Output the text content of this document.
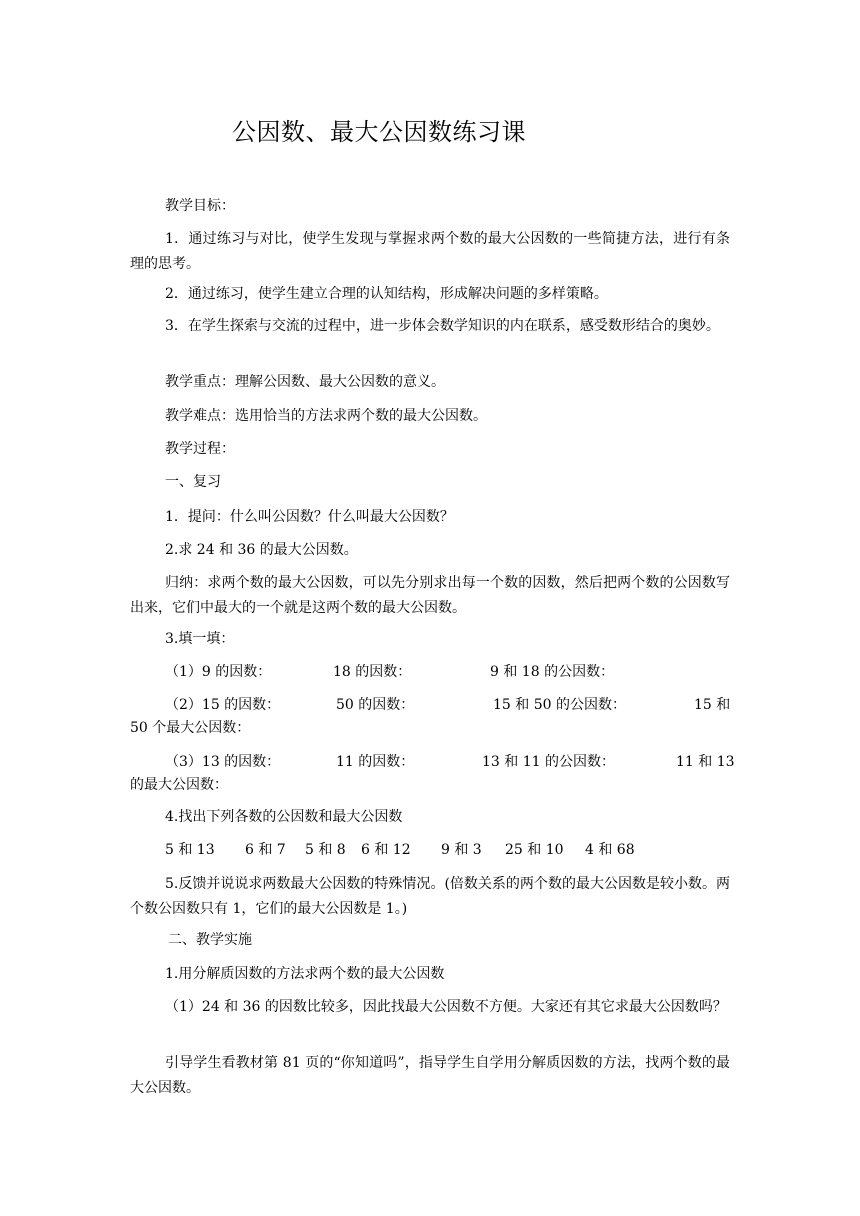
公因数、最大公因数练习课

教学目标：

1．通过练习与对比，使学生发现与掌握求两个数的最大公因数的一些简捷方法，进行有条理的思考。

2．通过练习，使学生建立合理的认知结构，形成解决问题的多样策略。

3．在学生探索与交流的过程中，进一步体会数学知识的内在联系，感受数形结合的奥妙。

教学重点：理解公因数、最大公因数的意义。

教学难点：选用恰当的方法求两个数的最大公因数。

教学过程：

一、复习

1．提问：什么叫公因数？什么叫最大公因数？

2.求 24 和 36 的最大公因数。

归纳：求两个数的最大公因数，可以先分别求出每一个数的因数，然后把两个数的公因数写出来，它们中最大的一个就是这两个数的最大公因数。

3.填一填：

（1）9 的因数：	18 的因数：	9 和 18 的公因数：
（2）15 的因数：	50 的因数：	15 和 50 的公因数：	15 和
50 个最大公因数：
（3）13 的因数：	11 的因数：	13 和 11 的公因数：	11 和 13
的最大公因数：

4.找出下列各数的公因数和最大公因数

5 和 13 6 和 7 5 和 8 6 和 12 9 和 3 25 和 10 4 和 68

5.反馈并说说求两数最大公因数的特殊情况。(倍数关系的两个数的最大公因数是较小数。两个数公因数只有 1，它们的最大公因数是 1。)

二、教学实施

1.用分解质因数的方法求两个数的最大公因数

（1）24 和 36 的因数比较多，因此找最大公因数不方便。大家还有其它求最大公因数吗？

引导学生看教材第 81 页的“你知道吗”，指导学生自学用分解质因数的方法，找两个数的最大公因数。
